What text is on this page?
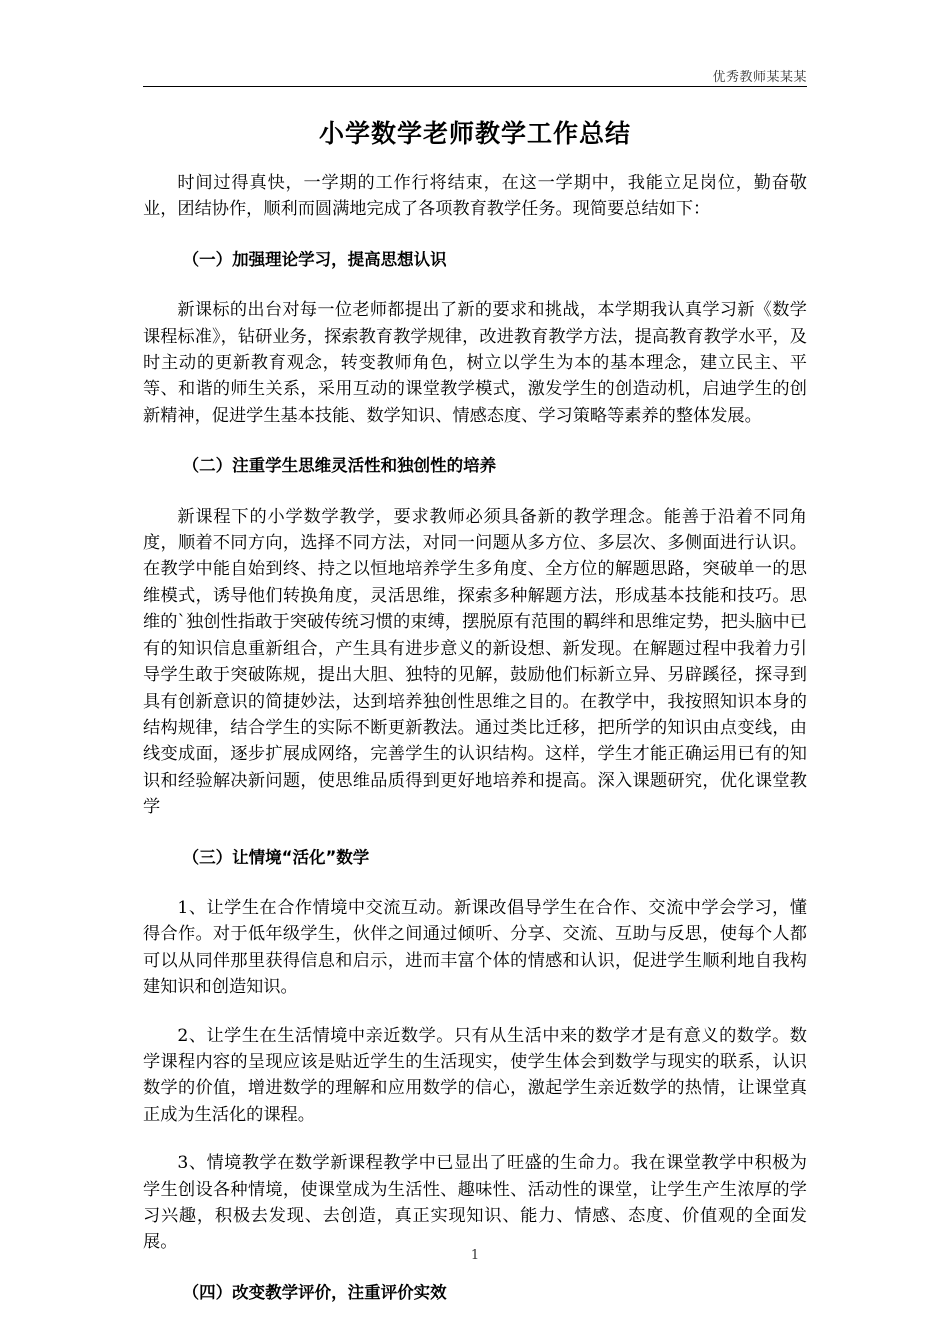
优秀教师某某某
小学数学老师教学工作总结

时间过得真快，一学期的工作行将结束，在这一学期中，我能立足岗位，勤奋敬业，团结协作，顺利而圆满地完成了各项教育教学任务。现简要总结如下：

（一）加强理论学习，提高思想认识

新课标的出台对每一位老师都提出了新的要求和挑战，本学期我认真学习新《数学课程标准》，钻研业务，探索教育教学规律，改进教育教学方法，提高教育教学水平，及时主动的更新教育观念，转变教师角色，树立以学生为本的基本理念，建立民主、平等、和谐的师生关系，采用互动的课堂教学模式，激发学生的创造动机，启迪学生的创新精神，促进学生基本技能、数学知识、情感态度、学习策略等素养的整体发展。

（二）注重学生思维灵活性和独创性的培养

新课程下的小学数学教学，要求教师必须具备新的教学理念。能善于沿着不同角度，顺着不同方向，选择不同方法，对同一问题从多方位、多层次、多侧面进行认识。在教学中能自始到终、持之以恒地培养学生多角度、全方位的解题思路，突破单一的思维模式，诱导他们转换角度，灵活思维，探索多种解题方法，形成基本技能和技巧。思维的`独创性指敢于突破传统习惯的束缚，摆脱原有范围的羁绊和思维定势，把头脑中已有的知识信息重新组合，产生具有进步意义的新设想、新发现。在解题过程中我着力引导学生敢于突破陈规，提出大胆、独特的见解，鼓励他们标新立异、另辟蹊径，探寻到具有创新意识的简捷妙法，达到培养独创性思维之目的。在教学中，我按照知识本身的结构规律，结合学生的实际不断更新教法。通过类比迁移，把所学的知识由点变线，由线变成面，逐步扩展成网络，完善学生的认识结构。这样，学生才能正确运用已有的知识和经验解决新问题，使思维品质得到更好地培养和提高。深入课题研究，优化课堂教学

（三）让情境“活化”数学

1、让学生在合作情境中交流互动。新课改倡导学生在合作、交流中学会学习，懂得合作。对于低年级学生，伙伴之间通过倾听、分享、交流、互助与反思，使每个人都可以从同伴那里获得信息和启示，进而丰富个体的情感和认识，促进学生顺利地自我构建知识和创造知识。

2、让学生在生活情境中亲近数学。只有从生活中来的数学才是有意义的数学。数学课程内容的呈现应该是贴近学生的生活现实，使学生体会到数学与现实的联系，认识数学的价值，增进数学的理解和应用数学的信心，激起学生亲近数学的热情，让课堂真正成为生活化的课程。

3、情境教学在数学新课程教学中已显出了旺盛的生命力。我在课堂教学中积极为学生创设各种情境，使课堂成为生活性、趣味性、活动性的课堂，让学生产生浓厚的学习兴趣，积极去发现、去创造，真正实现知识、能力、情感、态度、价值观的全面发展。

（四）改变教学评价，注重评价实效
1
